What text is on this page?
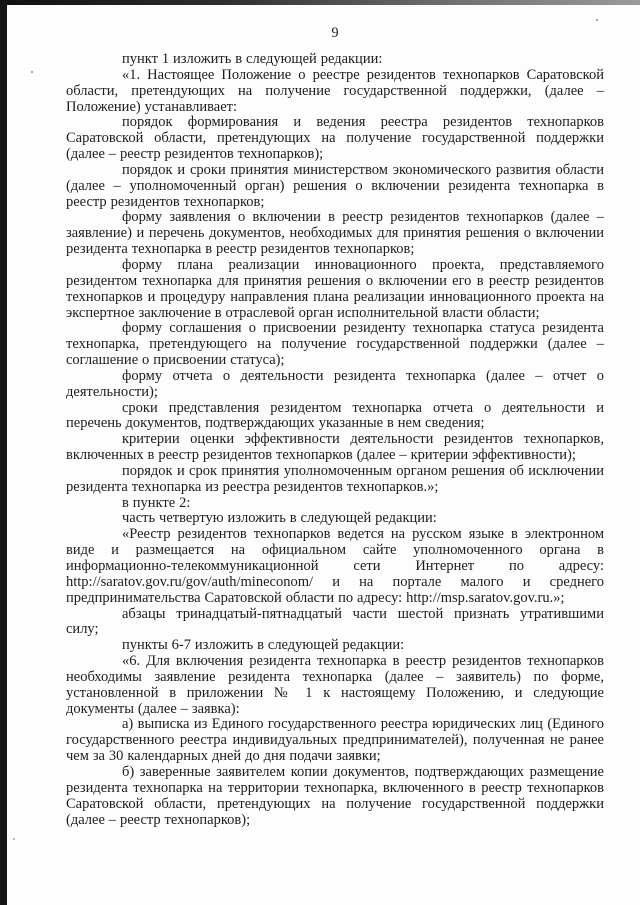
9

пункт 1 изложить в следующей редакции:

«1. Настоящее Положение о реестре резидентов технопарков Саратовской области, претендующих на получение государственной поддержки, (далее – Положение) устанавливает:

порядок формирования и ведения реестра резидентов технопарков Саратовской области, претендующих на получение государственной поддержки (далее – реестр резидентов технопарков);

порядок и сроки принятия министерством экономического развития области (далее – уполномоченный орган) решения о включении резидента технопарка в реестр резидентов технопарков;

форму заявления о включении в реестр резидентов технопарков (далее – заявление) и перечень документов, необходимых для принятия решения о включении резидента технопарка в реестр резидентов технопарков;

форму плана реализации инновационного проекта, представляемого резидентом технопарка для принятия решения о включении его в реестр резидентов технопарков и процедуру направления плана реализации инновационного проекта на экспертное заключение в отраслевой орган исполнительной власти области;

форму соглашения о присвоении резиденту технопарка статуса резидента технопарка, претендующего на получение государственной поддержки (далее – соглашение о присвоении статуса);

форму отчета о деятельности резидента технопарка (далее – отчет о деятельности);

сроки представления резидентом технопарка отчета о деятельности и перечень документов, подтверждающих указанные в нем сведения;

критерии оценки эффективности деятельности резидентов технопарков, включенных в реестр резидентов технопарков (далее – критерии эффективности);

порядок и срок принятия уполномоченным органом решения об исключении резидента технопарка из реестра резидентов технопарков.»;

в пункте 2:

часть четвертую изложить в следующей редакции:

«Реестр резидентов технопарков ведется на русском языке в электронном виде и размещается на официальном сайте уполномоченного органа в информационно-телекоммуникационной сети Интернет по адресу: http://saratov.gov.ru/gov/auth/mineconom/ и на портале малого и среднего предпринимательства Саратовской области по адресу: http://msp.saratov.gov.ru.»;

абзацы тринадцатый-пятнадцатый части шестой признать утратившими силу;

пункты 6-7 изложить в следующей редакции:

«6. Для включения резидента технопарка в реестр резидентов технопарков необходимы заявление резидента технопарка (далее – заявитель) по форме, установленной в приложении № 1 к настоящему Положению, и следующие документы (далее – заявка):

а) выписка из Единого государственного реестра юридических лиц (Единого государственного реестра индивидуальных предпринимателей), полученная не ранее чем за 30 календарных дней до дня подачи заявки;

б) заверенные заявителем копии документов, подтверждающих размещение резидента технопарка на территории технопарка, включенного в реестр технопарков Саратовской области, претендующих на получение государственной поддержки (далее – реестр технопарков);
